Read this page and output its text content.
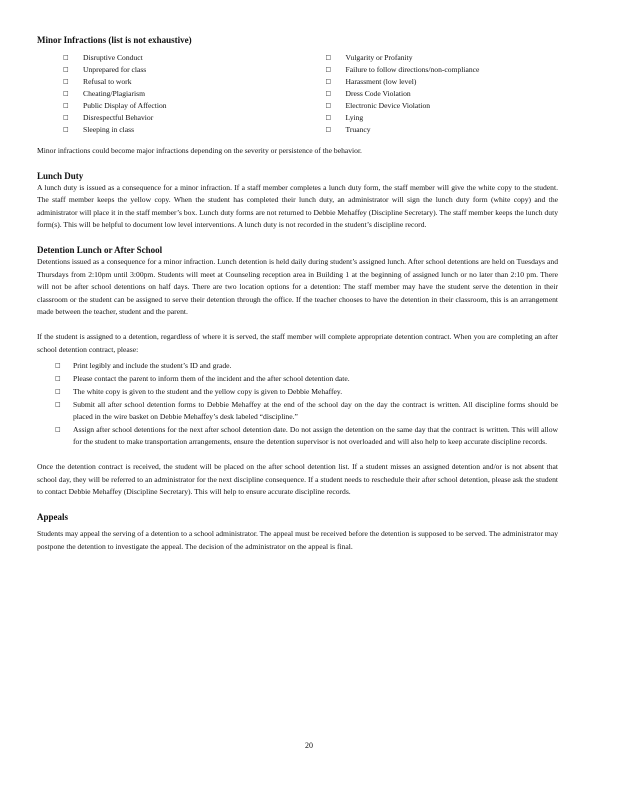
Minor Infractions (list is not exhaustive)

□	Disruptive Conduct
□	Unprepared for class
□	Refusal to work
□	Cheating/Plagiarism
□	Public Display of Affection
□	Disrespectful Behavior
□	Sleeping in class
□	Vulgarity or Profanity
□	Failure to follow directions/non-compliance
□	Harassment (low level)
□	Dress Code Violation
□	Electronic Device Violation
□	Lying
□	Truancy

Minor infractions could become major infractions depending on the severity or persistence of the behavior.

Lunch Duty

A lunch duty is issued as a consequence for a minor infraction. If a staff member completes a lunch duty form, the staff member will give the white copy to the student. The staff member keeps the yellow copy. When the student has completed their lunch duty, an administrator will sign the lunch duty form (white copy) and the administrator will place it in the staff member’s box. Lunch duty forms are not returned to Debbie Mehaffey (Discipline Secretary). The staff member keeps the lunch duty form(s). This will be helpful to document low level interventions. A lunch duty is not recorded in the student’s discipline record.

Detention Lunch or After School

Detentions issued as a consequence for a minor infraction. Lunch detention is held daily during student’s assigned lunch. After school detentions are held on Tuesdays and Thursdays from 2:10pm until 3:00pm. Students will meet at Counseling reception area in Building 1 at the beginning of assigned lunch or no later than 2:10 pm. There will not be after school detentions on half days. There are two location options for a detention: The staff member may have the student serve the detention in their classroom or the student can be assigned to serve their detention through the office. If the teacher chooses to have the detention in their classroom, this is an arrangement made between the teacher, student and the parent.

If the student is assigned to a detention, regardless of where it is served, the staff member will complete appropriate detention contract. When you are completing an after school detention contract, please:

□	Print legibly and include the student’s ID and grade.
□	Please contact the parent to inform them of the incident and the after school detention date.
□	The white copy is given to the student and the yellow copy is given to Debbie Mehaffey.
□	Submit all after school detention forms to Debbie Mehaffey at the end of the school day on the day the contract is written. All discipline forms should be placed in the wire basket on Debbie Mehaffey’s desk labeled “discipline.”
□	Assign after school detentions for the next after school detention date. Do not assign the detention on the same day that the contract is written. This will allow for the student to make transportation arrangements, ensure the detention supervisor is not overloaded and will also help to keep accurate discipline records.

Once the detention contract is received, the student will be placed on the after school detention list. If a student misses an assigned detention and/or is not absent that school day, they will be referred to an administrator for the next discipline consequence. If a student needs to reschedule their after school detention, please ask the student to contact Debbie Mehaffey (Discipline Secretary). This will help to ensure accurate discipline records.

Appeals

Students may appeal the serving of a detention to a school administrator. The appeal must be received before the detention is supposed to be served. The administrator may postpone the detention to investigate the appeal. The decision of the administrator on the appeal is final.

20
